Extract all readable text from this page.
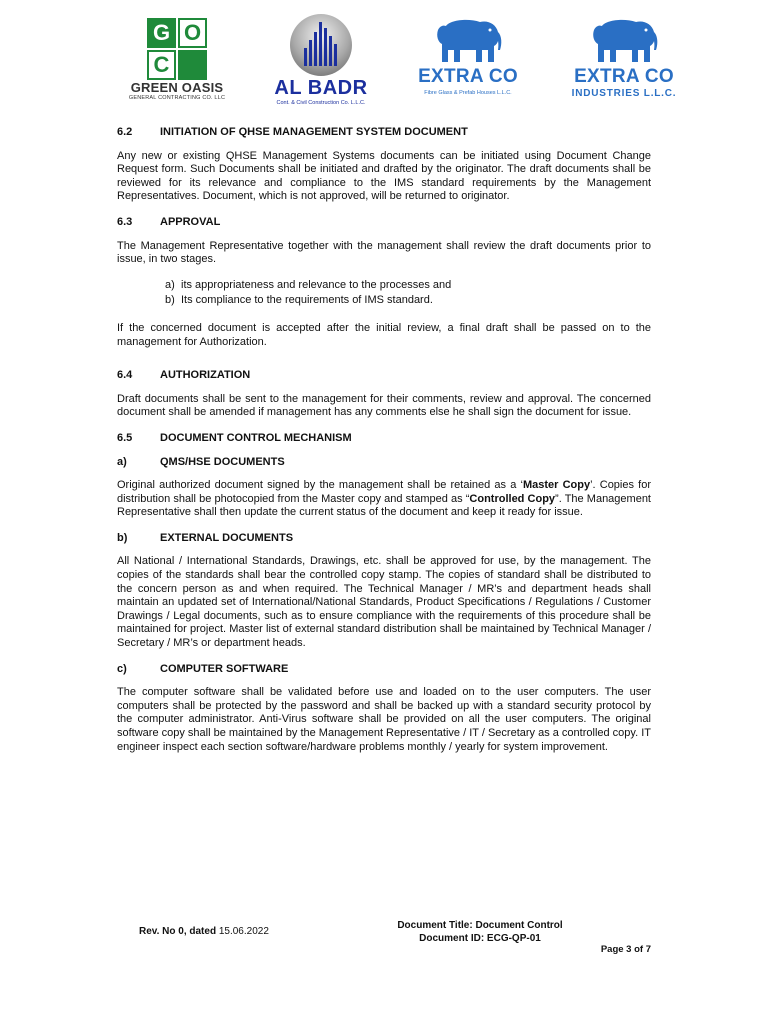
G O
C
GREEN OASIS
GENERAL CONTRACTING CO. LLC	AL BADR
Cont. & Civil Construction Co. L.L.C.
EXTRA CO
Fibre Glass & Prefab Houses L.L.C.
EXTRA CO
INDUSTRIES L.L.C.
6.2	INITIATION OF QHSE MANAGEMENT SYSTEM DOCUMENT

Any new or existing QHSE Management Systems documents can be initiated using Document Change Request form. Such Documents shall be initiated and drafted by the originator. The draft documents shall be reviewed for its relevance and compliance to the IMS standard requirements by the Management Representatives. Document, which is not approved, will be returned to originator.

6.3	APPROVAL

The Management Representative together with the management shall review the draft documents prior to issue, in two stages.

a) its appropriateness and relevance to the processes and
b) Its compliance to the requirements of IMS standard.

If the concerned document is accepted after the initial review, a final draft shall be passed on to the management for Authorization.

6.4	AUTHORIZATION

Draft documents shall be sent to the management for their comments, review and approval. The concerned document shall be amended if management has any comments else he shall sign the document for issue.

6.5	DOCUMENT CONTROL MECHANISM
a)	QMS/HSE DOCUMENTS

Original authorized document signed by the management shall be retained as a ‘Master Copy’. Copies for distribution shall be photocopied from the Master copy and stamped as “Controlled Copy”. The Management Representative shall then update the current status of the document and keep it ready for issue.

b)	EXTERNAL DOCUMENTS

All National / International Standards, Drawings, etc. shall be approved for use, by the management. The copies of the standards shall bear the controlled copy stamp. The copies of standard shall be distributed to the concern person as and when required. The Technical Manager / MR’s and department heads shall maintain an updated set of International/National Standards, Product Specifications / Regulations / Customer Drawings / Legal documents, such as to ensure compliance with the requirements of this procedure shall be maintained for project. Master list of external standard distribution shall be maintained by Technical Manager / Secretary / MR’s or department heads.

c)	COMPUTER SOFTWARE

The computer software shall be validated before use and loaded on to the user computers. The user computers shall be protected by the password and shall be backed up with a standard security protocol by the computer administrator. Anti-Virus software shall be provided on all the user computers. The original software copy shall be maintained by the Management Representative / IT / Secretary as a controlled copy. IT engineer inspect each section software/hardware problems monthly / yearly for system improvement.

Rev. No 0, dated 15.06.2022
Document Title: Document Control
Document ID: ECG-QP-01
Page 3 of 7
